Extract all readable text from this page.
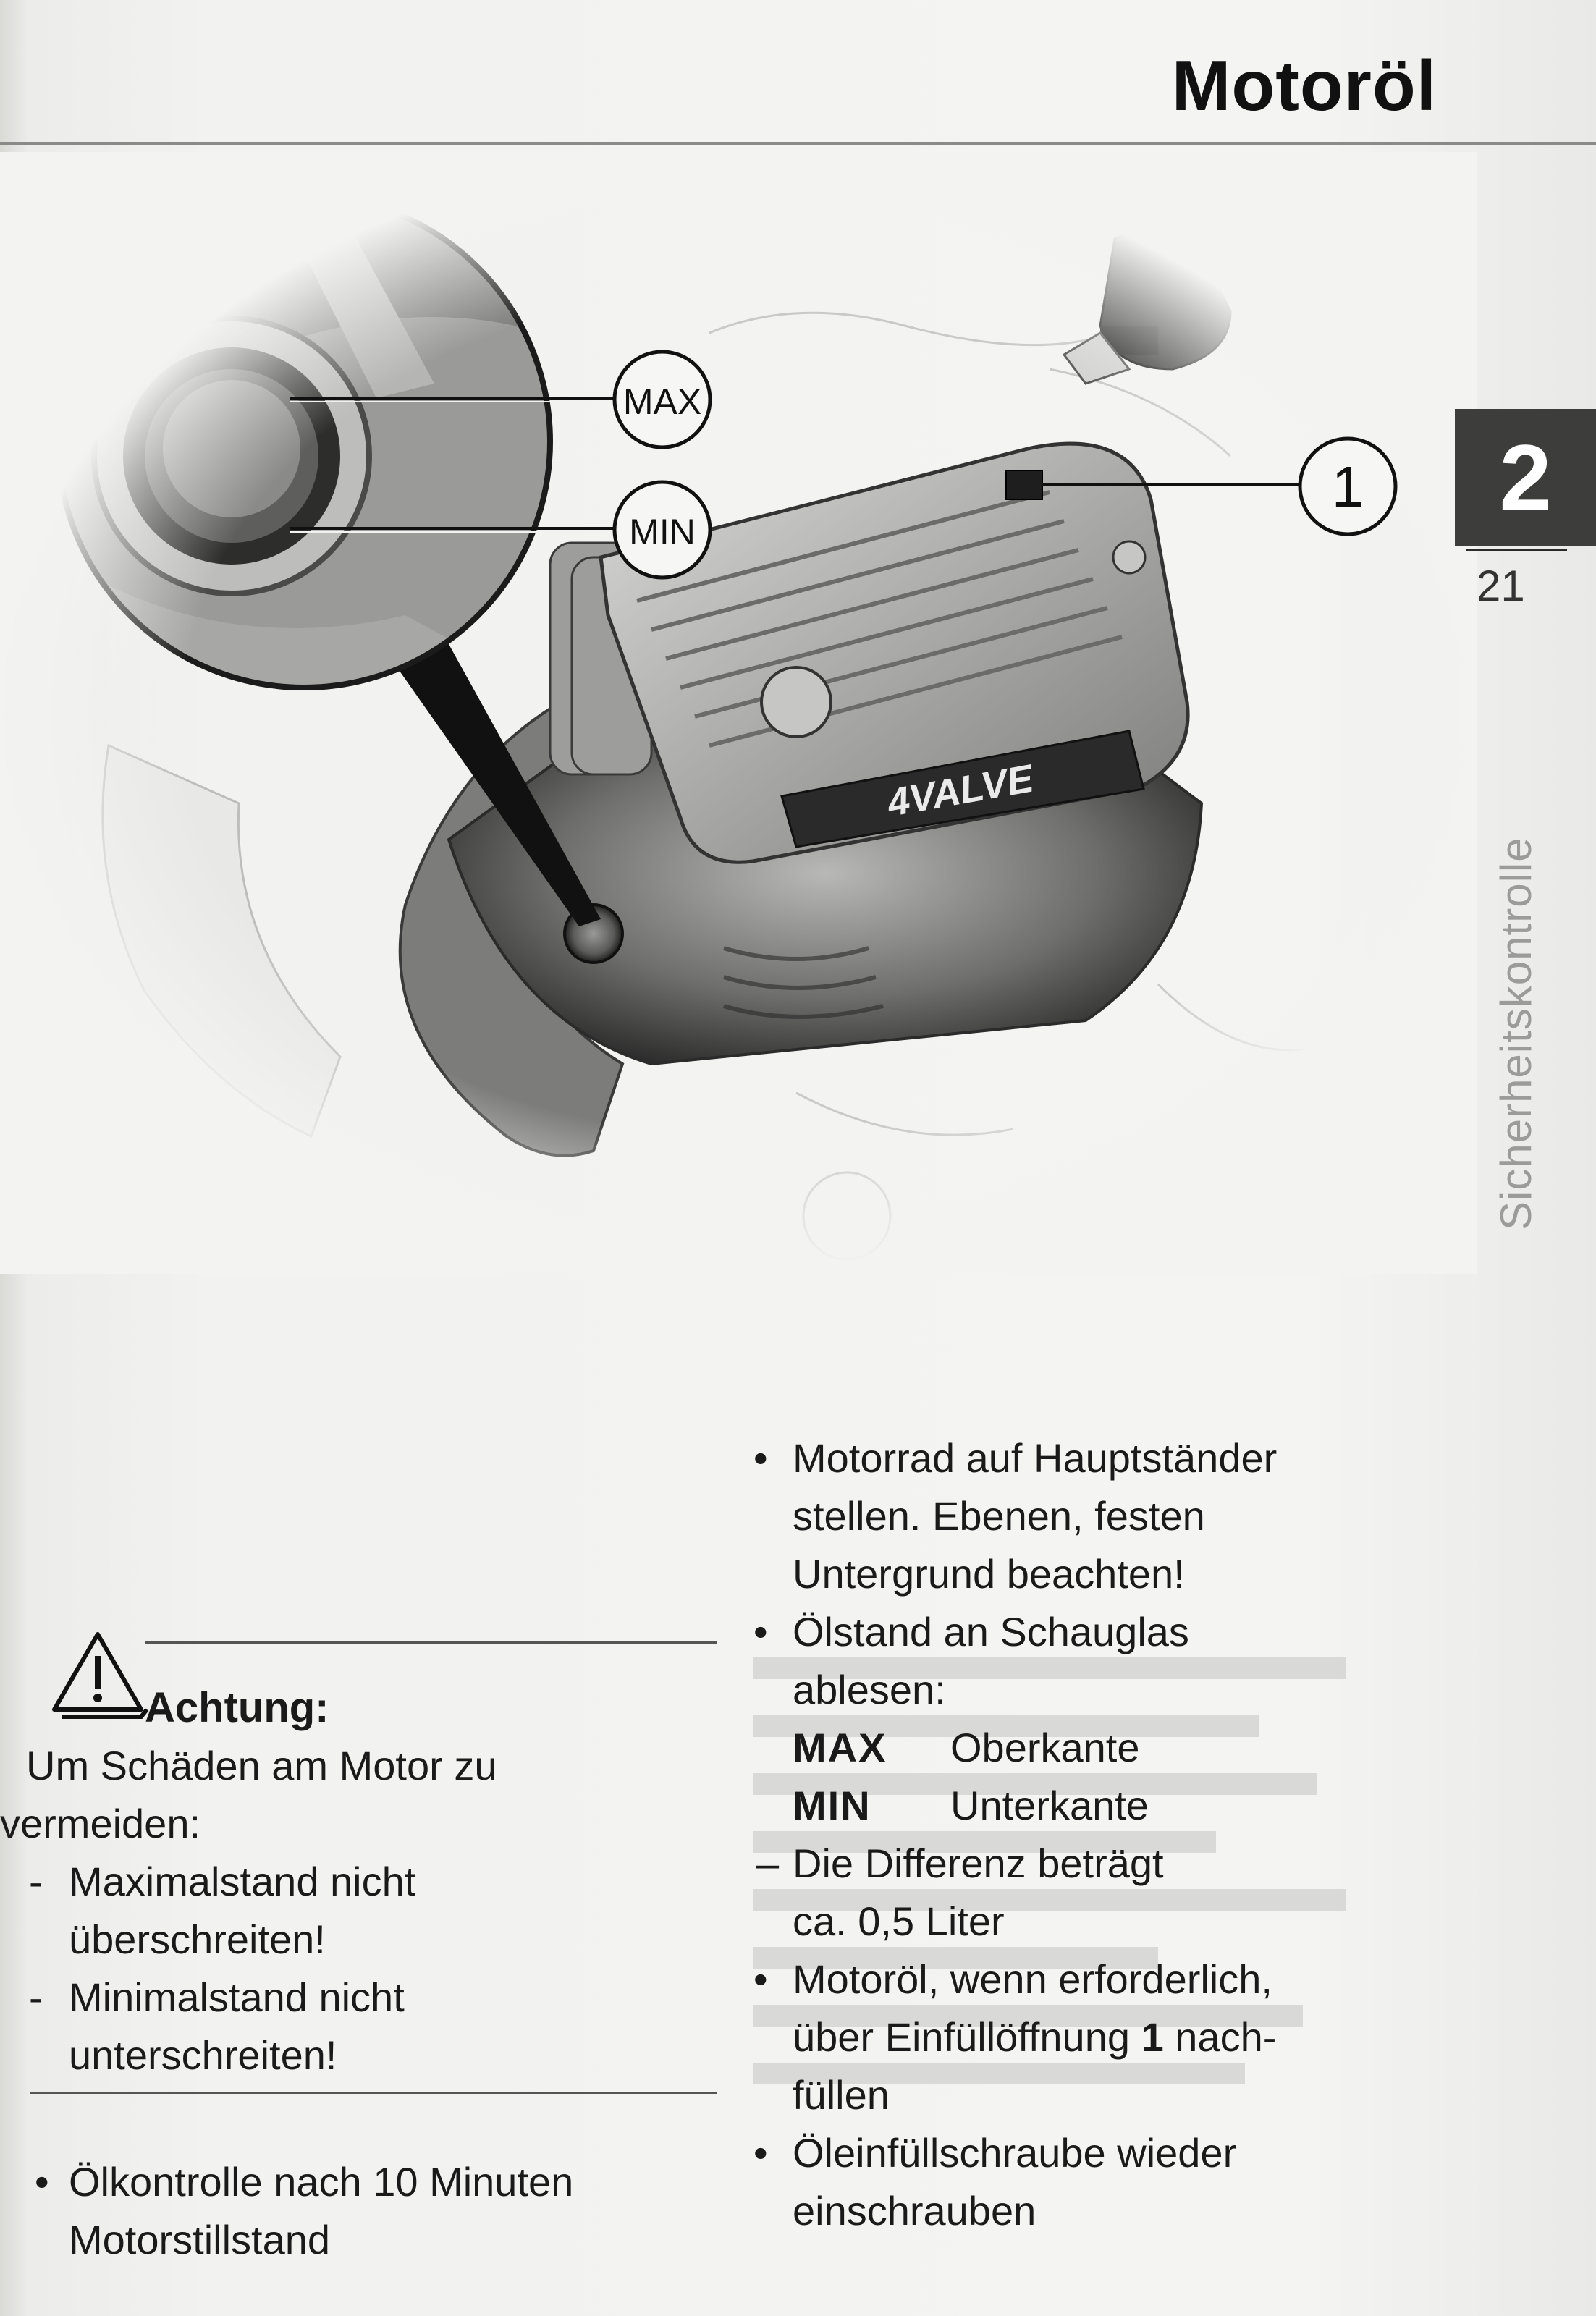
Motoröl
MAX
MIN
1	2
21
Sicherheitskontrolle
Achtung:
Um Schäden am Motor zu
vermeiden:
- Maximalstand nicht
überschreiten!
- Minimalstand nicht
unterschreiten!
• Ölkontrolle nach 10 Minuten
Motorstillstand
• Motorrad auf Hauptständer
stellen. Ebenen, festen
Untergrund beachten!
• Ölstand an Schauglas
ablesen:
MAX	Oberkante
MIN	Unterkante
– Die Differenz beträgt
ca. 0,5 Liter
• Motoröl, wenn erforderlich,
über Einfüllöffnung 1 nach-
füllen
• Öleinfüllschraube wieder
einschrauben
